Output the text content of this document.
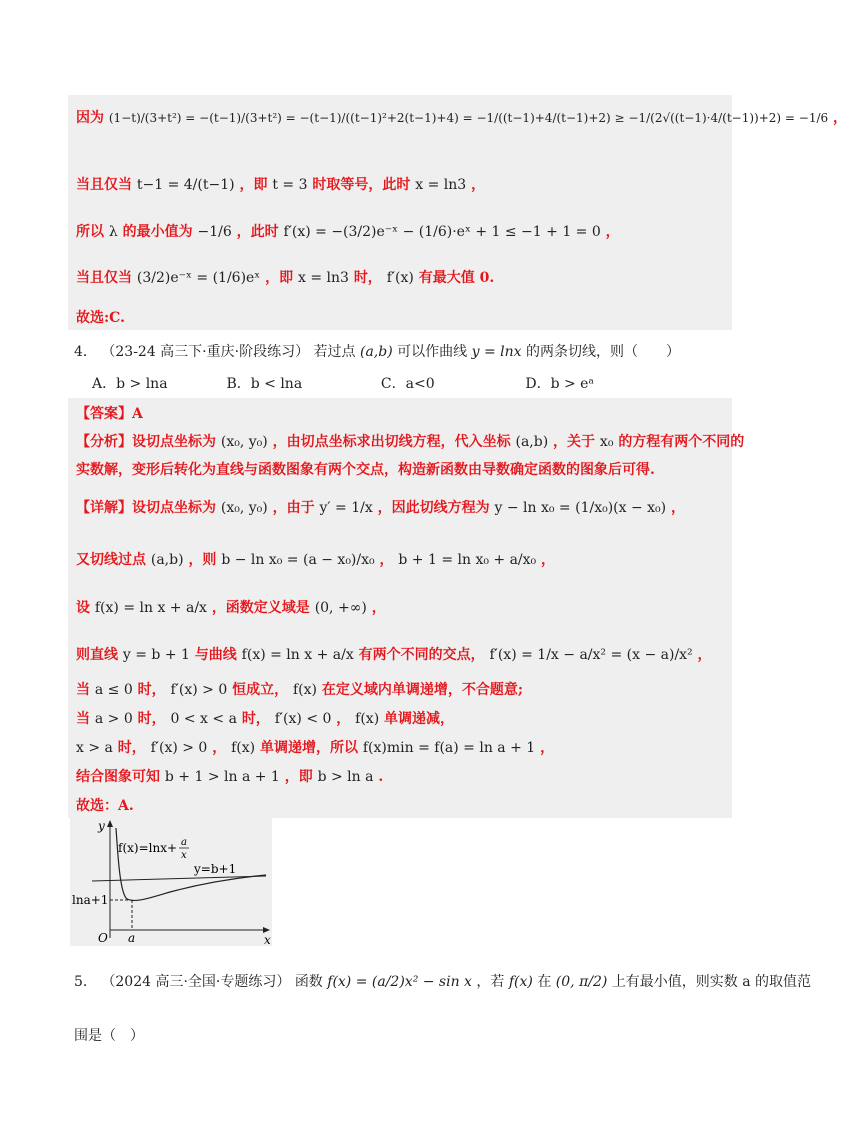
因为 (1−t)/(3+t²) = −(t−1)/(3+t²) = −(t−1)/((t−1)²+2(t−1)+4) = −1/((t−1)+4/(t−1)+2) ≥ −1/(2√((t−1)·4/(t−1))+2) = −1/6 ，
当且仅当 t−1 = 4/(t−1) ，即 t = 3 时取等号，此时 x = ln3 ，
所以 λ 的最小值为 −1/6 ，此时 f′(x) = −(3/2)e⁻ˣ − (1/6)·eˣ + 1 ≤ −1 + 1 = 0 ，
当且仅当 (3/2)e⁻ˣ = (1/6)eˣ ，即 x = ln3 时， f′(x) 有最大值 0.
故选:C.
4． （23-24 高三下·重庆·阶段练习） 若过点 (a,b) 可以作曲线 y = lnx 的两条切线，则（　　）
A．b > lna	B．b < lna	C．a<0	D．b > eᵃ
【答案】A
【分析】设切点坐标为 (x₀, y₀) ，由切点坐标求出切线方程，代入坐标 (a,b) ，关于 x₀ 的方程有两个不同的
实数解，变形后转化为直线与函数图象有两个交点，构造新函数由导数确定函数的图象后可得.
【详解】设切点坐标为 (x₀, y₀) ，由于 y′ = 1/x ，因此切线方程为 y − ln x₀ = (1/x₀)(x − x₀) ，
又切线过点 (a,b) ，则 b − ln x₀ = (a − x₀)/x₀ ， b + 1 = ln x₀ + a/x₀ ，
设 f(x) = ln x + a/x ，函数定义域是 (0, +∞) ，
则直线 y = b + 1 与曲线 f(x) = ln x + a/x 有两个不同的交点， f′(x) = 1/x − a/x² = (x − a)/x² ，
当 a ≤ 0 时， f′(x) > 0 恒成立， f(x) 在定义域内单调递增，不合题意;
当 a > 0 时， 0 < x < a 时， f′(x) < 0 ， f(x) 单调递减，
x > a 时， f′(x) > 0 ， f(x) 单调递增，所以 f(x)min = f(a) = ln a + 1 ，
结合图象可知 b + 1 > ln a + 1 ，即 b > ln a .
故选：A.
y
x
O a
lna+1
f(x)=lnx+ a
x
y=b+1
5． （2024 高三·全国·专题练习） 函数 f(x) = (a/2)x² − sin x ，若 f(x) 在 (0, π/2) 上有最小值，则实数 a 的取值范
围是（　）
